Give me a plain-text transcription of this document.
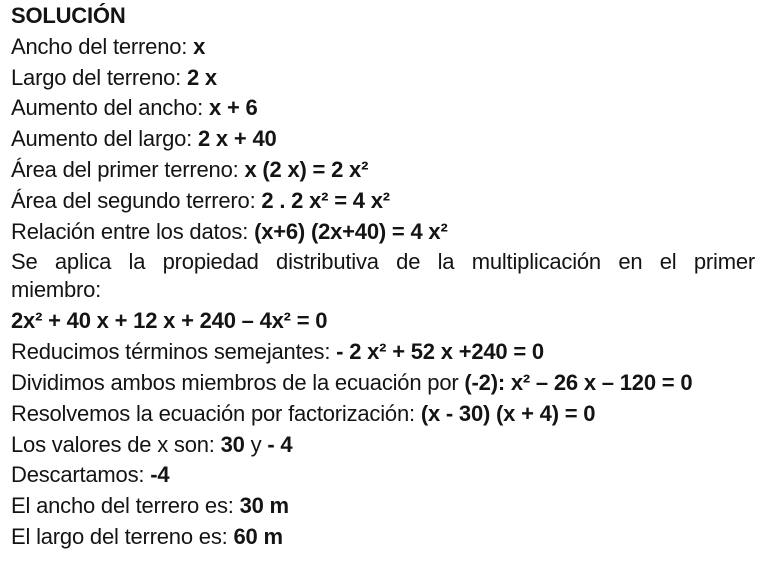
SOLUCIÓN
Ancho del terreno: x
Largo del terreno: 2 x
Aumento del ancho: x + 6
Aumento del largo: 2 x + 40
Área del primer terreno: x (2 x) = 2 x²
Área del segundo terrero: 2 . 2 x² = 4 x²
Relación entre los datos: (x+6) (2x+40) = 4 x²
Se aplica la propiedad distributiva de la multiplicación en el primer
miembro:
2x² + 40 x + 12 x + 240 – 4x² = 0
Reducimos términos semejantes: - 2 x² + 52 x +240 = 0
Dividimos ambos miembros de la ecuación por (-2): x² – 26 x – 120 = 0
Resolvemos la ecuación por factorización: (x - 30) (x + 4) = 0
Los valores de x son: 30 y - 4
Descartamos: -4
El ancho del terrero es: 30 m
El largo del terreno es: 60 m
